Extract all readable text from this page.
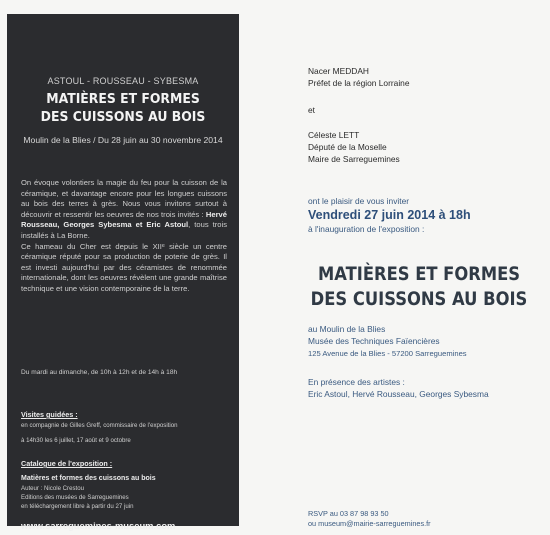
ASTOUL - ROUSSEAU - SYBESMA
MATIÈRES ET FORMES
DES CUISSONS AU BOIS
Moulin de la Blies / Du 28 juin au 30 novembre 2014
On évoque volontiers la magie du feu pour la cuisson de la céramique, et davantage encore pour les longues cuissons au bois des terres à grès. Nous vous invitons surtout à découvrir et ressentir les oeuvres de nos trois invités : Hervé Rousseau, Georges Sybesma et Eric Astoul, tous trois installés à La Borne.
Ce hameau du Cher est depuis le XIIᵉ siècle un centre céramique réputé pour sa production de poterie de grès. Il est investi aujourd'hui par des céramistes de renommée internationale, dont les oeuvres révèlent une grande maîtrise technique et une vision contemporaine de la terre.
Du mardi au dimanche, de 10h à 12h et de 14h à 18h
Visites guidées :
en compagnie de Gilles Greff, commissaire de l'exposition
à 14h30 les 6 juillet, 17 août et 9 octobre
Catalogue de l'exposition :
Matières et formes des cuissons au bois
Auteur : Nicole Crestou
Editions des musées de Sarreguemines
en téléchargement libre à partir du 27 juin
www.sarreguemines-museum.com
Nacer MEDDAH
Préfet de la région Lorraine
et
Céleste LETT
Député de la Moselle
Maire de Sarreguemines
ont le plaisir de vous inviter
Vendredi 27 juin 2014 à 18h
à l'inauguration de l'exposition :
MATIÈRES ET FORMES
DES CUISSONS AU BOIS
au Moulin de la Blies
Musée des Techniques Faïencières
125 Avenue de la Blies - 57200 Sarreguemines
En présence des artistes :
Eric Astoul, Hervé Rousseau, Georges Sybesma
RSVP au 03 87 98 93 50
ou museum@mairie-sarreguemines.fr
